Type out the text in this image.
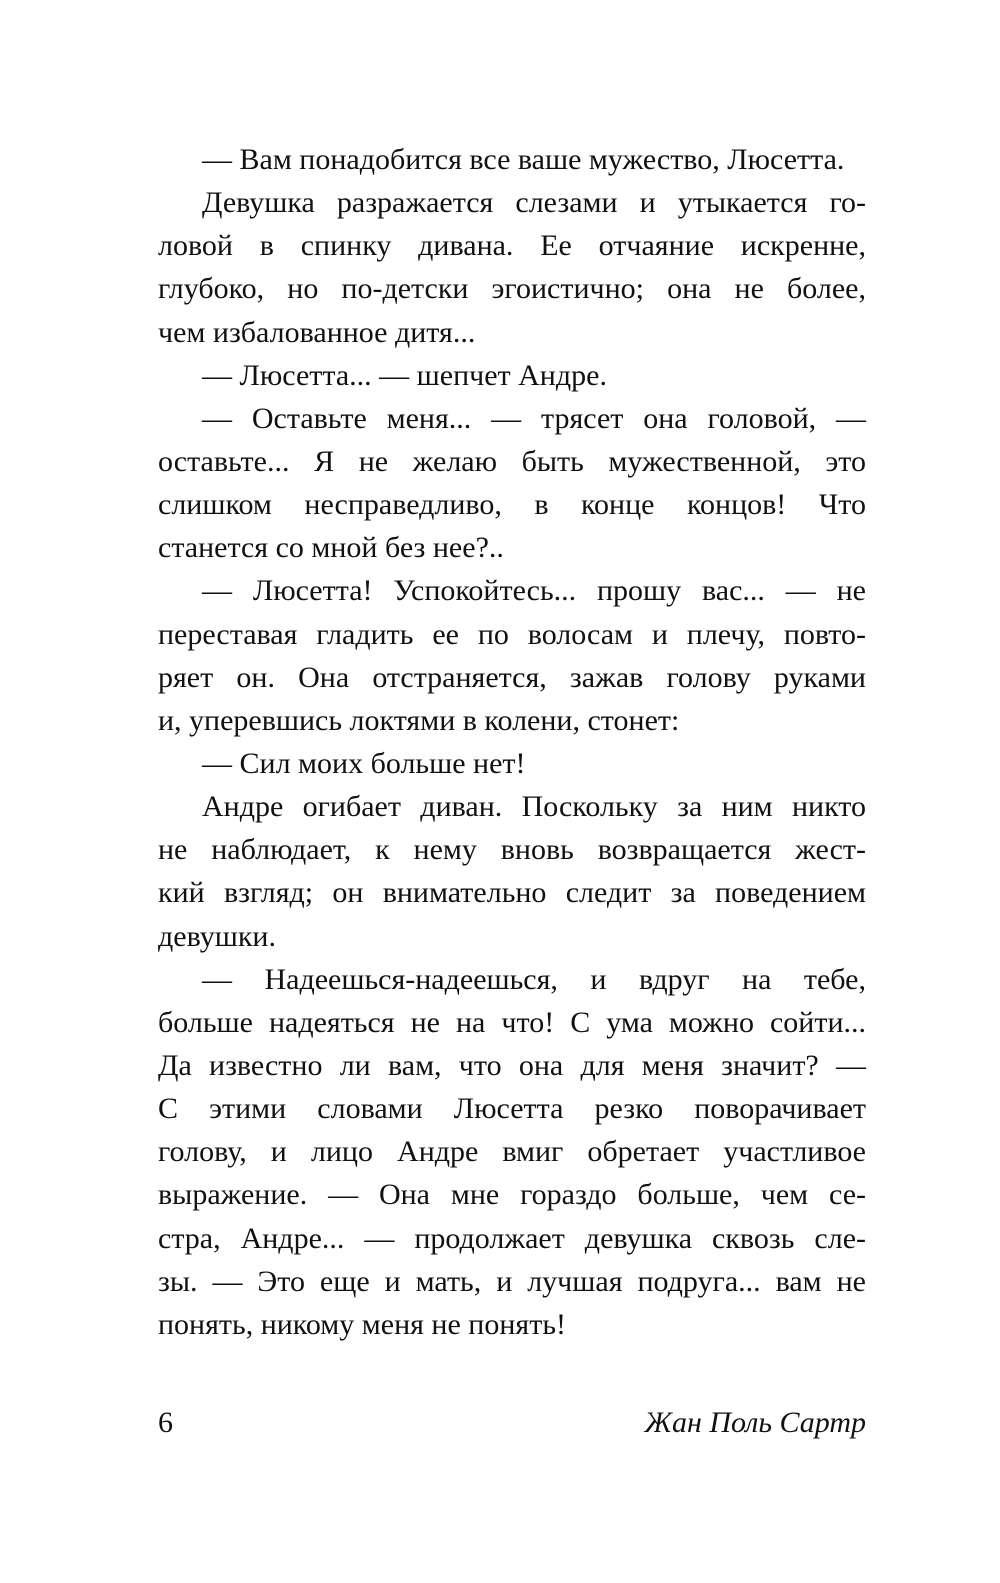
— Вам понадобится все ваше мужество, Люсетта.
Девушка разражается слезами и утыкается го-
ловой в спинку дивана. Ее отчаяние искренне,
глубоко, но по-детски эгоистично; она не более,
чем избалованное дитя...
— Люсетта... — шепчет Андре.
— Оставьте меня... — трясет она головой, —
оставьте... Я не желаю быть мужественной, это
слишком несправедливо, в конце концов! Что
станется со мной без нее?..
— Люсетта! Успокойтесь... прошу вас... — не
переставая гладить ее по волосам и плечу, повто-
ряет он. Она отстраняется, зажав голову руками
и, уперевшись локтями в колени, стонет:
— Сил моих больше нет!
Андре огибает диван. Поскольку за ним никто
не наблюдает, к нему вновь возвращается жест-
кий взгляд; он внимательно следит за поведением
девушки.
— Надеешься-надеешься, и вдруг на тебе,
больше надеяться не на что! С ума можно сойти...
Да известно ли вам, что она для меня значит? —
С этими словами Люсетта резко поворачивает
голову, и лицо Андре вмиг обретает участливое
выражение. — Она мне гораздо больше, чем се-
стра, Андре... — продолжает девушка сквозь сле-
зы. — Это еще и мать, и лучшая подруга... вам не
понять, никому меня не понять!
6	Жан Поль Сартр
